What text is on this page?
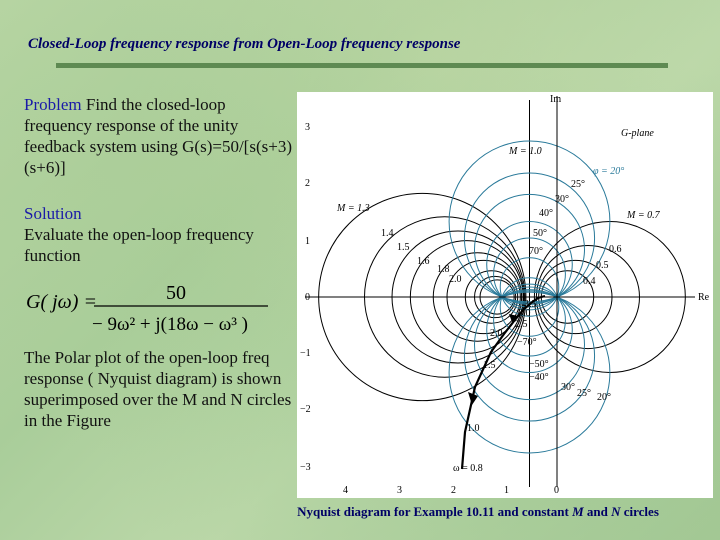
Closed-Loop frequency response from Open-Loop frequency response
Problem Find the closed-loop frequency response of the unity feedback system using G(s)=50/[s(s+3)(s+6)]
Solution
Evaluate the open-loop frequency function
G( jω) =	50
− 9ω² + j(18ω − ω³ )
The Polar plot of the open-loop freq response ( Nyquist diagram) is shown superimposed over the M and N circles in the Figure
Im
Re
G-plane
4	3	2	1	0
3
2
1
0
−1
−2
−3
M = 1.0
M = 1.3
M = 0.7
1.4
1.5
1.6
1.8
2.0
0.6
0.5
0.4
3.5
3.0
2.5
2.0
1.5
φ = 20°
25°
30°
40°
50°
70°
−70°
−50°
−40°
30°
25° 20°
1.0
ω = 0.8
Nyquist diagram for Example 10.11 and constant M and N circles
